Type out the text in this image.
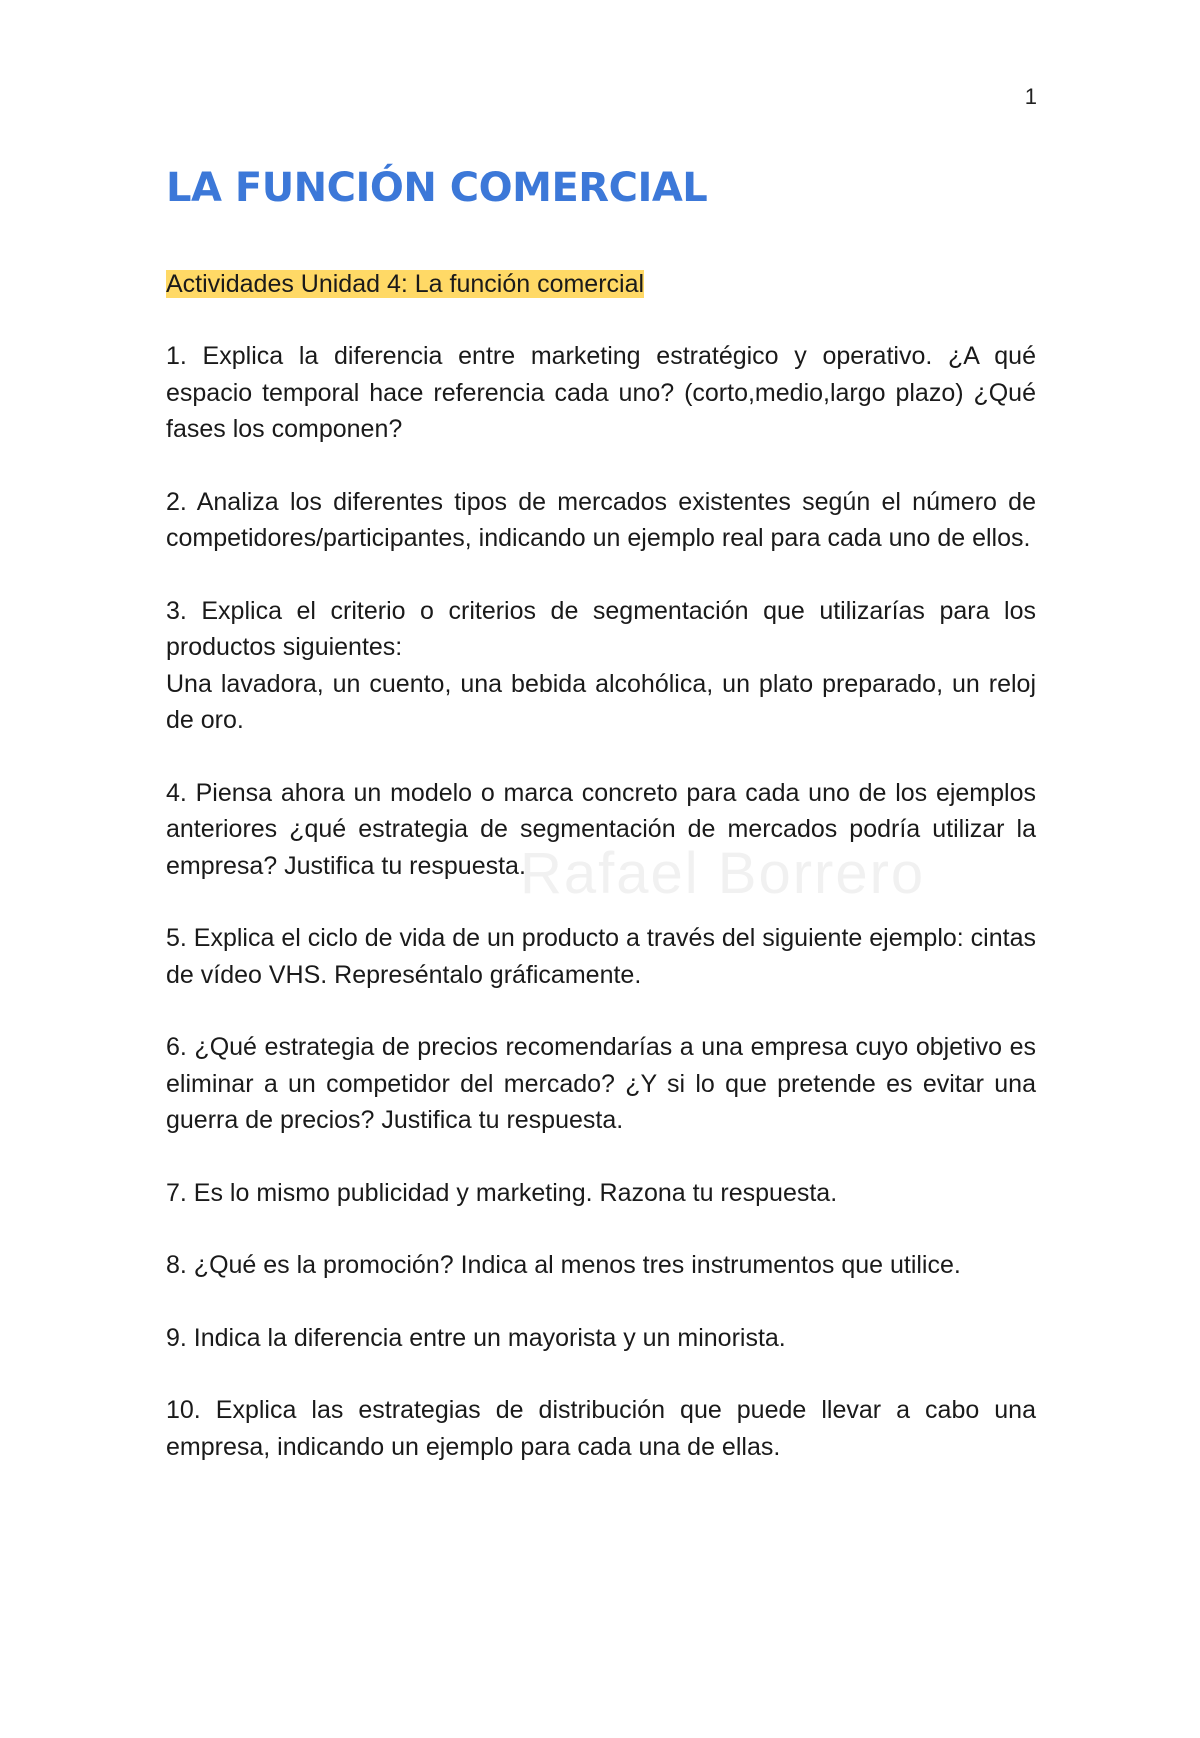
Rafael Borrero
1
LA FUNCIÓN COMERCIAL
Actividades Unidad 4: La función comercial

1. Explica la diferencia entre marketing estratégico y operativo. ¿A qué espacio temporal hace referencia cada uno? (corto,medio,largo plazo) ¿Qué fases los componen?

2. Analiza los diferentes tipos de mercados existentes según el número de competidores/participantes, indicando un ejemplo real para cada uno de ellos.

3. Explica el criterio o criterios de segmentación que utilizarías para los productos siguientes:
Una lavadora, un cuento, una bebida alcohólica, un plato preparado, un reloj de oro.

4. Piensa ahora un modelo o marca concreto para cada uno de los ejemplos anteriores ¿qué estrategia de segmentación de mercados podría utilizar la empresa? Justifica tu respuesta.

5. Explica el ciclo de vida de un producto a través del siguiente ejemplo: cintas de vídeo VHS. Represéntalo gráficamente.

6. ¿Qué estrategia de precios recomendarías a una empresa cuyo objetivo es eliminar a un competidor del mercado? ¿Y si lo que pretende es evitar una guerra de precios? Justifica tu respuesta.

7. Es lo mismo publicidad y marketing. Razona tu respuesta.

8. ¿Qué es la promoción? Indica al menos tres instrumentos que utilice.

9. Indica la diferencia entre un mayorista y un minorista.

10. Explica las estrategias de distribución que puede llevar a cabo una empresa, indicando un ejemplo para cada una de ellas.
